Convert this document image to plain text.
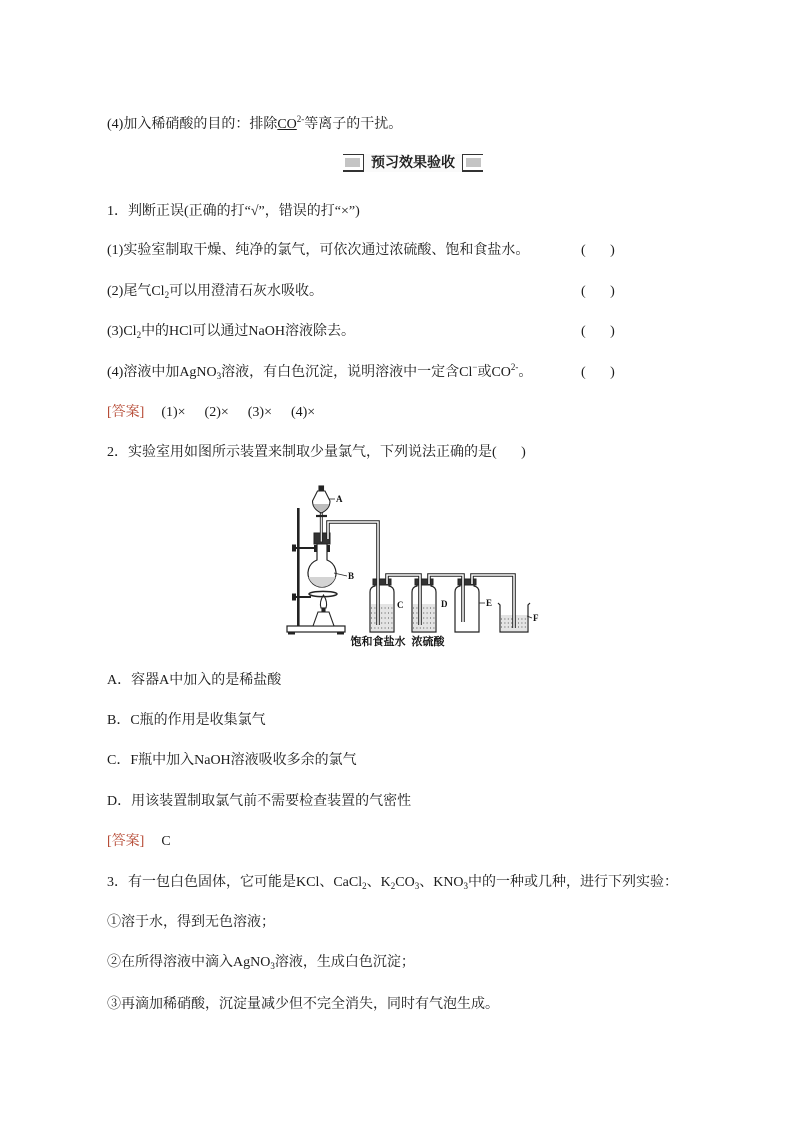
(4)加入稀硝酸的目的：排除$CO^{2-}$等离子的干扰。
预习效果验收
1．判断正误(正确的打“√”，错误的打“×”)
(1)实验室制取干燥、纯净的氯气，可依次通过浓硫酸、饱和食盐水。	(       )
(2)尾气$Cl_2$可以用澄清石灰水吸收。	(       )
$(3)Cl_2$中的HCl可以通过NaOH溶液除去。	(       )
(4)溶液中加AgNO$_3$溶液，有白色沉淀，说明溶液中一定含Cl−或$CO^{2-}$。	(       )
[答案] (1)×  (2)×  (3)×  (4)×
2．实验室用如图所示装置来制取少量氯气，下列说法正确的是(       )
A
B
C	D	E
F
饱和食盐水 浓硫酸
A．容器A中加入的是稀盐酸
B．C瓶的作用是收集氯气
C．F瓶中加入NaOH溶液吸收多余的氯气
D．用该装置制取氯气前不需要检查装置的气密性
[答案] C
3．有一包白色固体，它可能是KCl、CaCl$_2$、$K_2CO_3$、$KNO_3$中的一种或几种，进行下列实验：
①溶于水，得到无色溶液；
②在所得溶液中滴入AgNO$_3$溶液，生成白色沉淀；
③再滴加稀硝酸，沉淀量减少但不完全消失，同时有气泡生成。
